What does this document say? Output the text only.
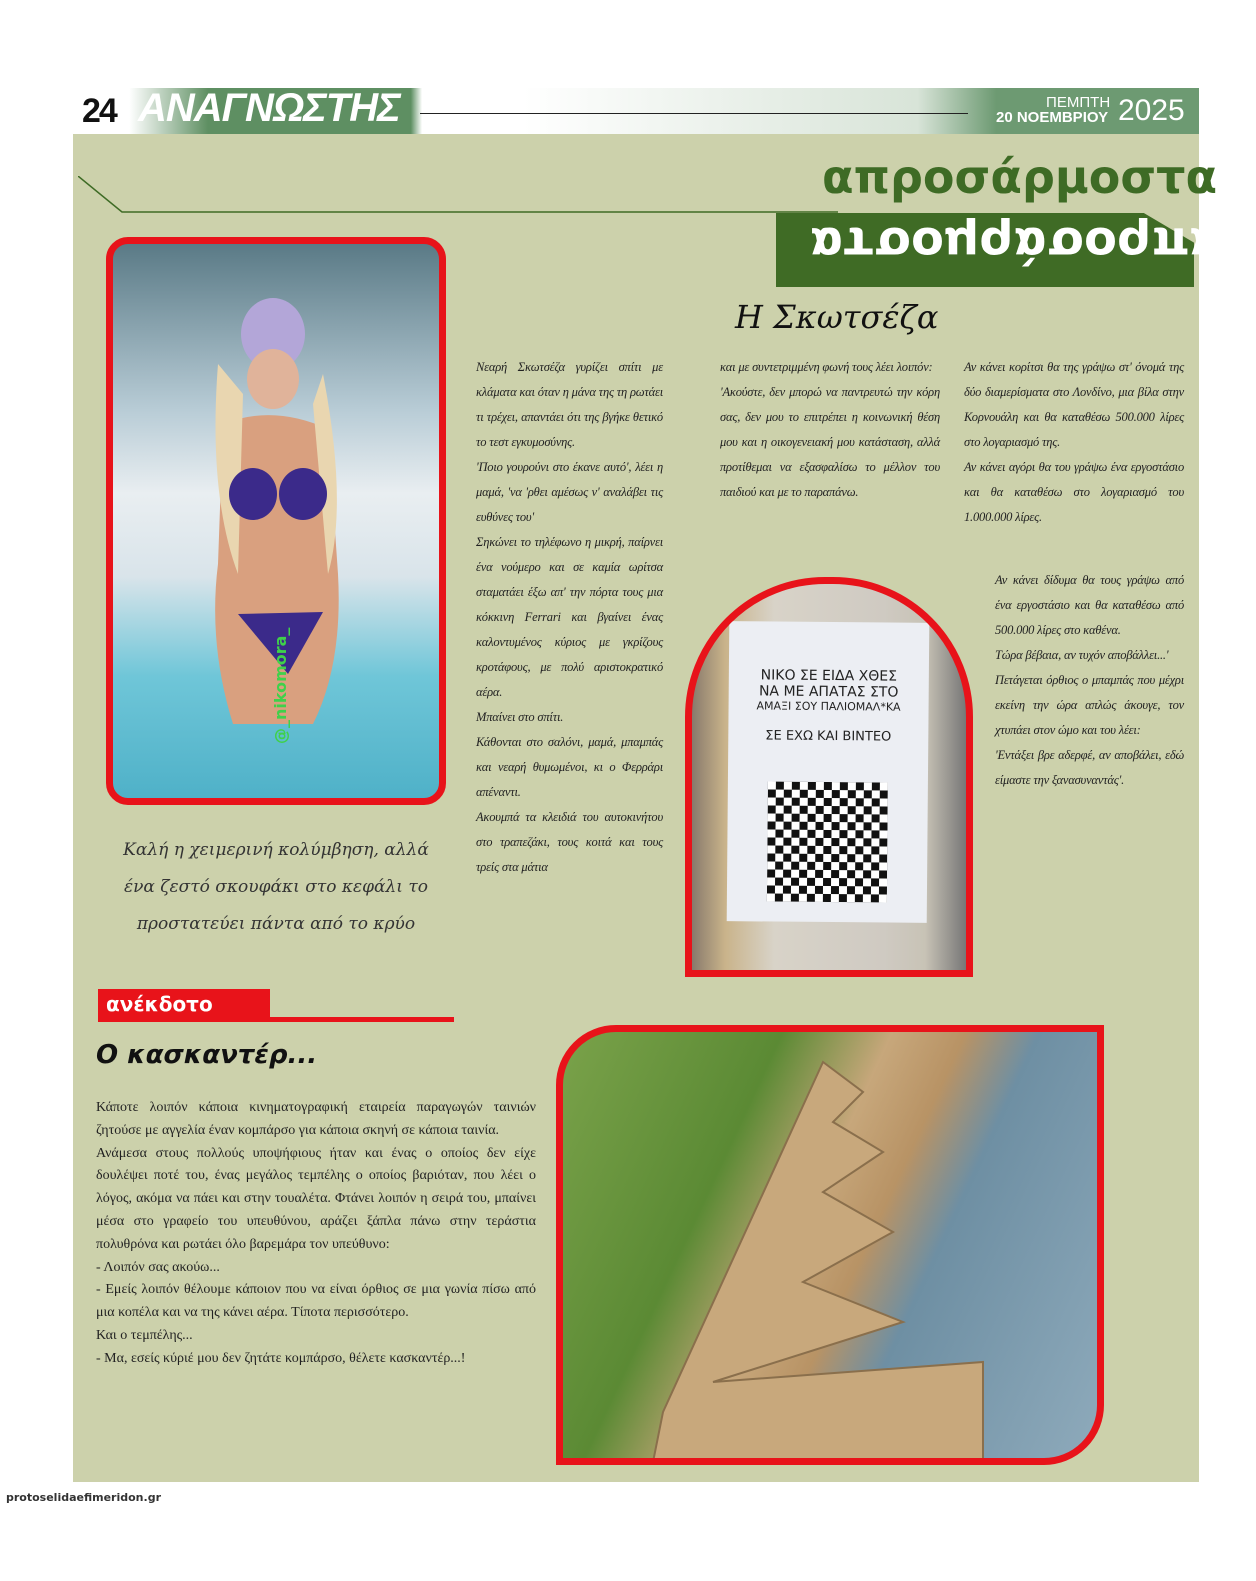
24 ΑΝΑΓΝΩΣΤΗΣ	ΠΕΜΠΤΗ
20 ΝΟΕΜΒΡΙΟΥ 2025
απροσάρμοστα
απροσάρμοστα
@_nikomora_
Καλή η χειμερινή κολύμβηση, αλλά ένα ζεστό σκουφάκι στο κεφάλι το προστατεύει πάντα από το κρύο
Η Σκωτσέζα

Νεαρή Σκωτσέζα γυρίζει σπίτι με κλάματα και όταν η μάνα της τη ρωτάει τι τρέχει, απαντάει ότι της βγήκε θετικό το τεστ εγκυμοσύνης.

'Ποιο γουρούνι στο έκανε αυτό', λέει η μαμά, 'να 'ρθει αμέσως ν' αναλάβει τις ευθύνες του'

Σηκώνει το τηλέφωνο η μικρή, παίρνει ένα νούμερο και σε καμία ωρίτσα σταματάει έξω απ' την πόρτα τους μια κόκκινη Ferrari και βγαίνει ένας καλοντυμένος κύριος με γκρίζους κροτάφους, με πολύ αριστοκρατικό αέρα.

Μπαίνει στο σπίτι.

Κάθονται στο σαλόνι, μαμά, μπαμπάς και νεαρή θυμωμένοι, κι ο Φερράρι απέναντι.

Ακουμπά τα κλειδιά του αυτοκινήτου στο τραπεζάκι, τους κοιτά και τους τρείς στα μάτια

και με συντετριμμένη φωνή τους λέει λοιπόν:

'Ακούστε, δεν μπορώ να παντρευτώ την κόρη σας, δεν μου το επιτρέπει η κοινωνική θέση μου και η οικογενειακή μου κατάσταση, αλλά προτίθεμαι να εξασφαλίσω το μέλλον του παιδιού και με το παραπάνω.

Αν κάνει κορίτσι θα της γράψω στ' όνομά της δύο διαμερίσματα στο Λονδίνο, μια βίλα στην Κορνουάλη και θα καταθέσω 500.000 λίρες στο λογαριασμό της.

Αν κάνει αγόρι θα του γράψω ένα εργοστάσιο και θα καταθέσω στο λογαριασμό του 1.000.000 λίρες.

Αν κάνει δίδυμα θα τους γράψω από ένα εργοστάσιο και θα καταθέσω από 500.000 λίρες στο καθένα.

Τώρα βέβαια, αν τυχόν αποβάλλει...'

Πετάγεται όρθιος ο μπαμπάς που μέχρι εκείνη την ώρα απλώς άκουγε, τον χτυπάει στον ώμο και του λέει:

'Εντάξει βρε αδερφέ, αν αποβάλει, εδώ είμαστε την ξανασυναντάς'.

ΝΙΚΟ ΣΕ ΕΙΔΑ ΧΘΕΣ
ΝΑ ΜΕ ΑΠΑΤΑΣ ΣΤΟ
ΑΜΑΞΙ ΣΟΥ ΠΑΛΙΟΜΑΛ*ΚΑ
ΣΕ ΕΧΩ ΚΑΙ ΒΙΝΤΕΟ
ανέκδοτο
Ο κασκαντέρ...

Κάποτε λοιπόν κάποια κινηματογραφική εταιρεία παραγωγών ταινιών ζητούσε με αγγελία έναν κομπάρσο για κάποια σκηνή σε κάποια ταινία.

Ανάμεσα στους πολλούς υποψήφιους ήταν και ένας ο οποίος δεν είχε δουλέψει ποτέ του, ένας μεγάλος τεμπέλης ο οποίος βαριόταν, που λέει ο λόγος, ακόμα να πάει και στην τουαλέτα. Φτάνει λοιπόν η σειρά του, μπαίνει μέσα στο γραφείο του υπευθύνου, αράζει ξάπλα πάνω στην τεράστια πολυθρόνα και ρωτάει όλο βαρεμάρα τον υπεύθυνο:

- Λοιπόν σας ακούω...

- Εμείς λοιπόν θέλουμε κάποιον που να είναι όρθιος σε μια γωνία πίσω από μια κοπέλα και να της κάνει αέρα. Τίποτα περισσότερο.

Και ο τεμπέλης...

- Μα, εσείς κύριέ μου δεν ζητάτε κομπάρσο, θέλετε κασκαντέρ...!

protoselidaefimeridon.gr
